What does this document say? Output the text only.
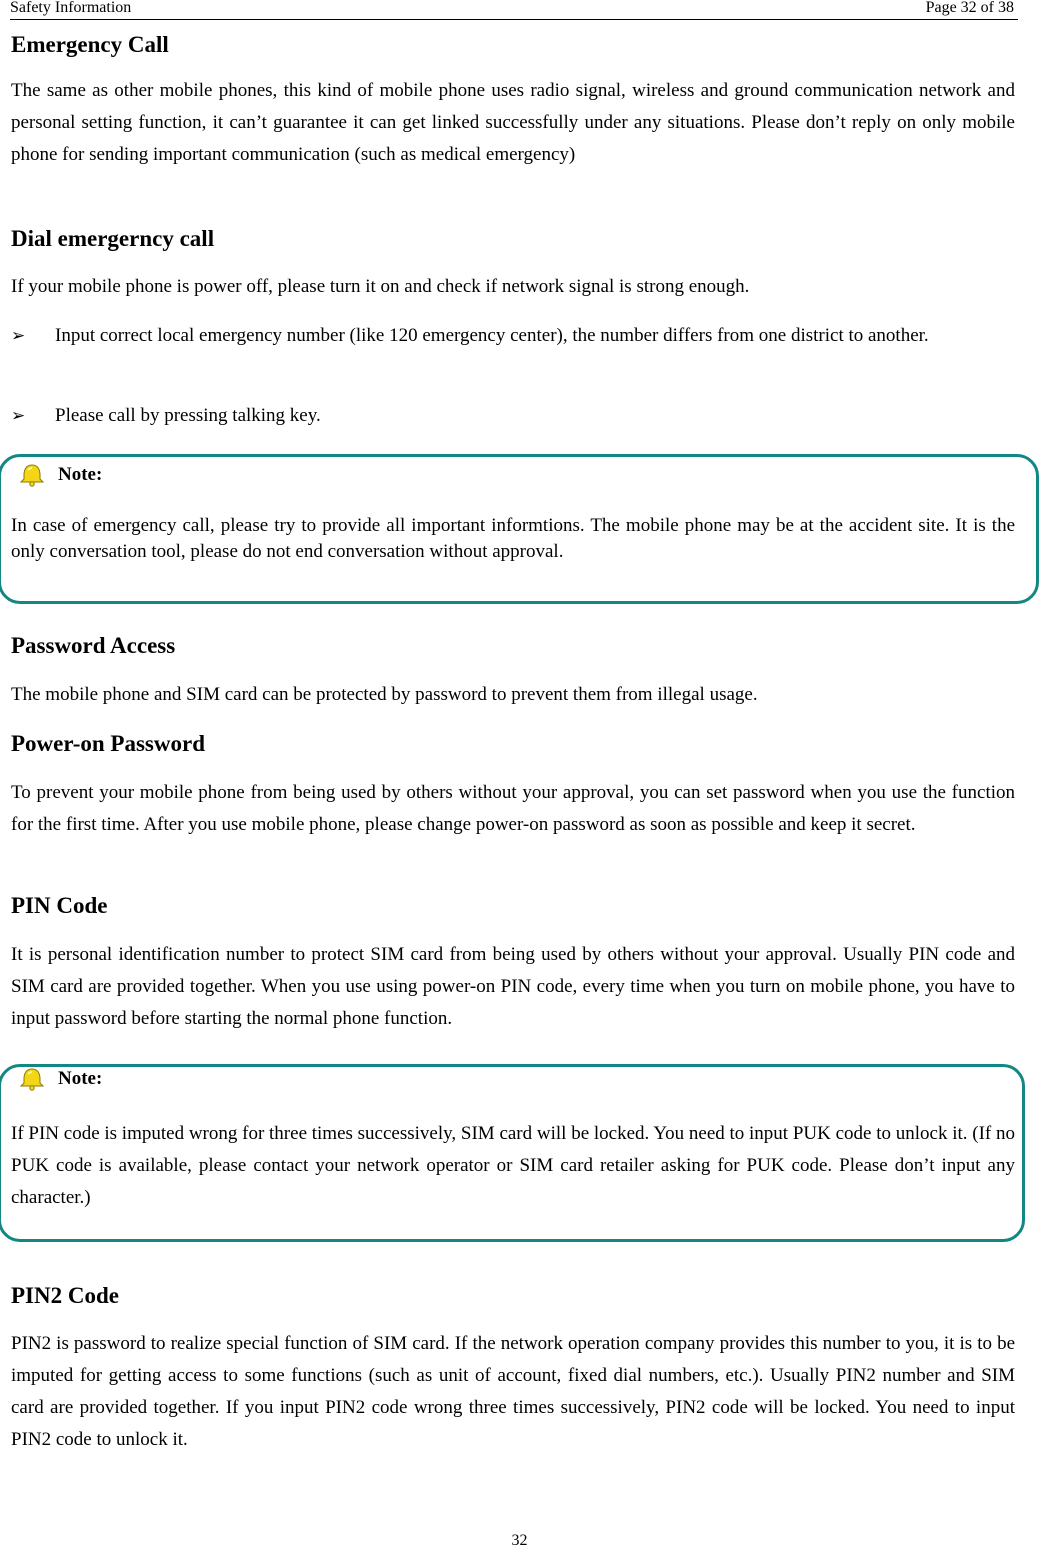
Safety Information	Page 32 of 38
Emergency Call

The same as other mobile phones, this kind of mobile phone uses radio signal, wireless and ground communication network and personal setting function, it can’t guarantee it can get linked successfully under any situations. Please don’t reply on only mobile phone for sending important communication (such as medical emergency)

Dial emergerncy call

If your mobile phone is power off, please turn it on and check if network signal is strong enough.

➢ Input correct local emergency number (like 120 emergency center), the number differs from one district to another.
➢ Please call by pressing talking key.
Note:

In case of emergency call, please try to provide all important informtions. The mobile phone may be at the accident site. It is the only conversation tool, please do not end conversation without approval.

Password Access

The mobile phone and SIM card can be protected by password to prevent them from illegal usage.

Power-on Password

To prevent your mobile phone from being used by others without your approval, you can set password when you use the function for the first time. After you use mobile phone, please change power-on password as soon as possible and keep it secret.

PIN Code

It is personal identification number to protect SIM card from being used by others without your approval. Usually PIN code and SIM card are provided together. When you use using power-on PIN code, every time when you turn on mobile phone, you have to input password before starting the normal phone function.

Note:

If PIN code is imputed wrong for three times successively, SIM card will be locked. You need to input PUK code to unlock it. (If no PUK code is available, please contact your network operator or SIM card retailer asking for PUK code. Please don’t input any character.)

PIN2 Code

PIN2 is password to realize special function of SIM card. If the network operation company provides this number to you, it is to be imputed for getting access to some functions (such as unit of account, fixed dial numbers, etc.). Usually PIN2 number and SIM card are provided together. If you input PIN2 code wrong three times successively, PIN2 code will be locked. You need to input PIN2 code to unlock it.

32
